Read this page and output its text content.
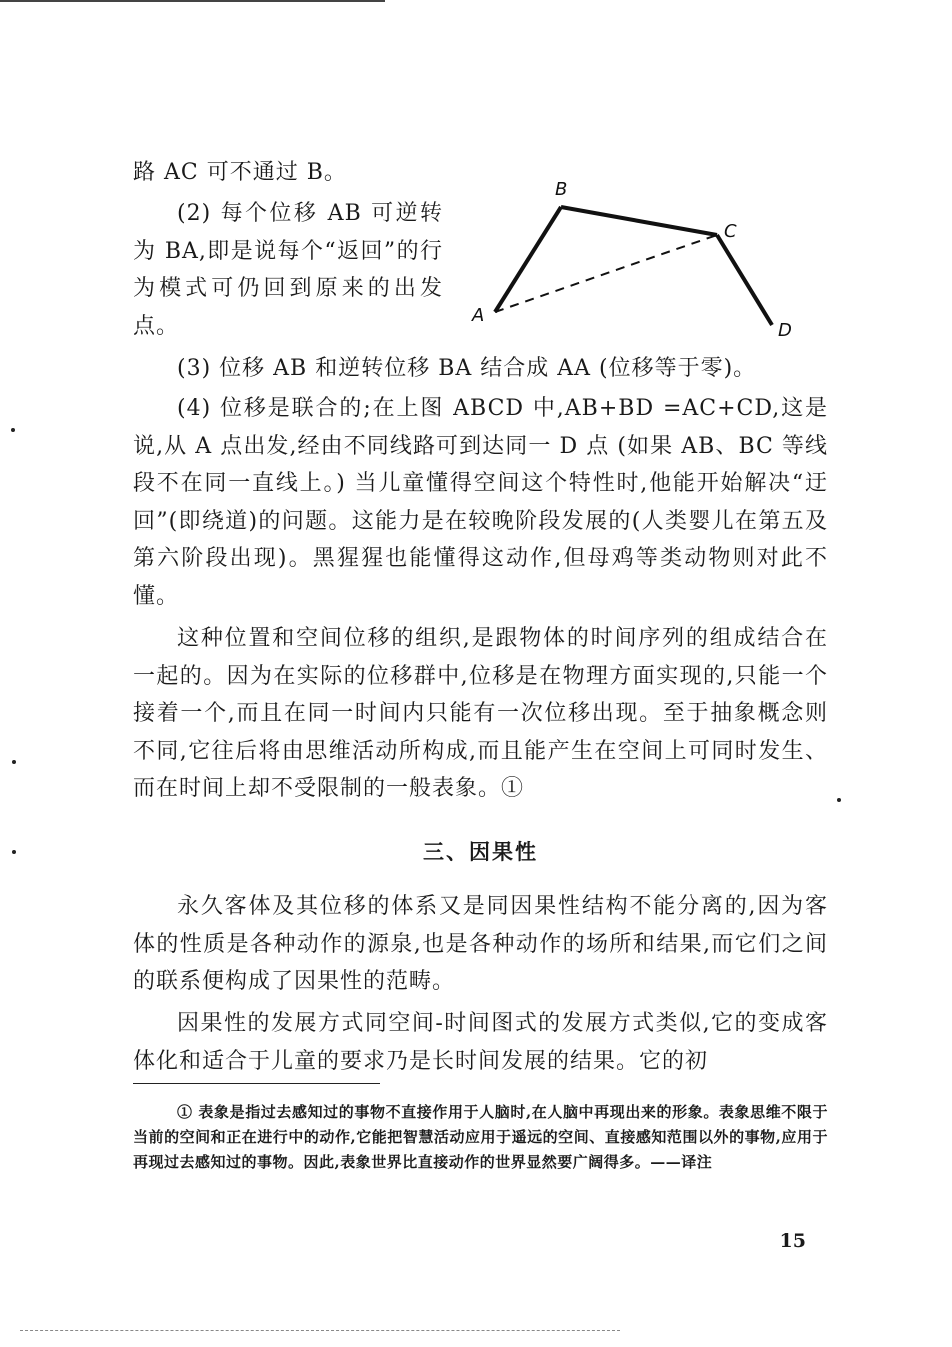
路 AC 可不通过 B。

(2) 每个位移 AB 可逆转为 BA,即是说每个“返回”的行为模式可仍回到原来的出发点。	A
B
C
D

(3) 位移 AB 和逆转位移 BA 结合成 AA (位移等于零)。

(4) 位移是联合的;在上图 ABCD 中,AB+BD =AC+CD,这是说,从 A 点出发,经由不同线路可到达同一 D 点 (如果 AB、BC 等线段不在同一直线上。) 当儿童懂得空间这个特性时,他能开始解决“迂回”(即绕道)的问题。这能力是在较晚阶段发展的(人类婴儿在第五及第六阶段出现)。黑猩猩也能懂得这动作,但母鸡等类动物则对此不懂。

这种位置和空间位移的组织,是跟物体的时间序列的组成结合在一起的。因为在实际的位移群中,位移是在物理方面实现的,只能一个接着一个,而且在同一时间内只能有一次位移出现。至于抽象概念则不同,它往后将由思维活动所构成,而且能产生在空间上可同时发生、而在时间上却不受限制的一般表象。①

三、因果性

永久客体及其位移的体系又是同因果性结构不能分离的,因为客体的性质是各种动作的源泉,也是各种动作的场所和结果,而它们之间的联系便构成了因果性的范畴。

因果性的发展方式同空间-时间图式的发展方式类似,它的变成客体化和适合于儿童的要求乃是长时间发展的结果。它的初

① 表象是指过去感知过的事物不直接作用于人脑时,在人脑中再现出来的形象。表象思维不限于当前的空间和正在进行中的动作,它能把智慧活动应用于遥远的空间、直接感知范围以外的事物,应用于再现过去感知过的事物。因此,表象世界比直接动作的世界显然要广阔得多。——译注

15
